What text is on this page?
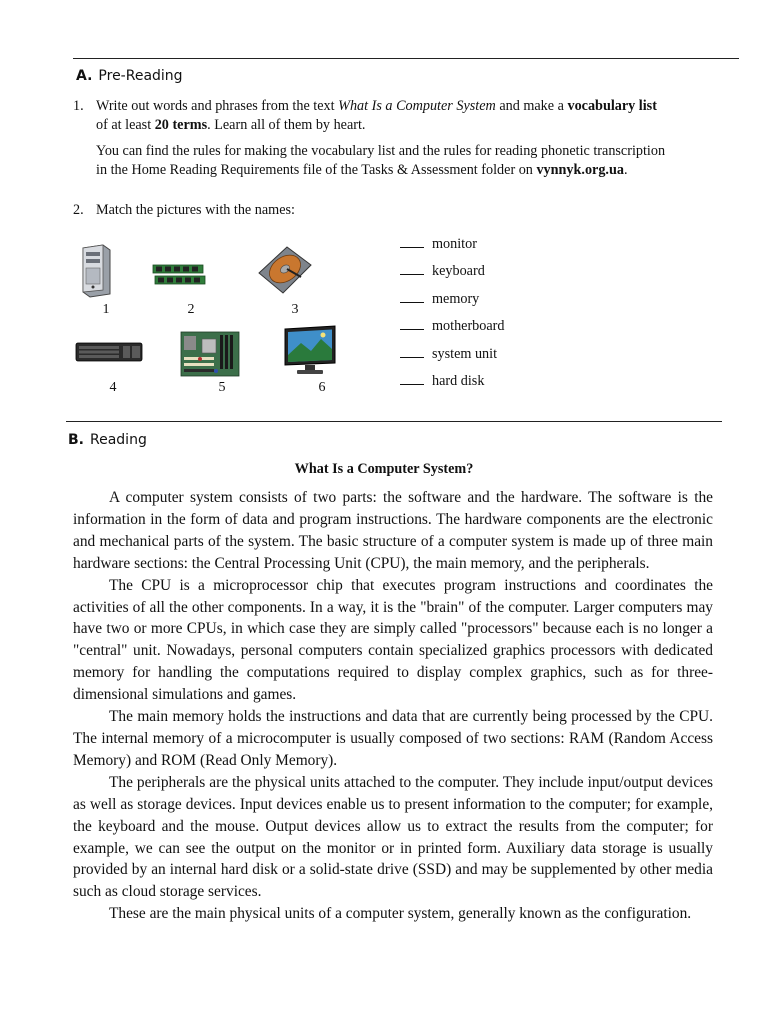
A. Pre-Reading
1. Write out words and phrases from the text What Is a Computer System and make a vocabulary list
of at least 20 terms. Learn all of them by heart.
You can find the rules for making the vocabulary list and the rules for reading phonetic transcription
in the Home Reading Requirements file of the Tasks & Assessment folder on vynnyk.org.ua.
2. Match the pictures with the names:
1	2	3
4	5	6
monitor
keyboard
memory
motherboard
system unit
hard disk
B. Reading
What Is a Computer System?

A computer system consists of two parts: the software and the hardware. The software is the information in the form of data and program instructions. The hardware components are the electronic and mechanical parts of the system. The basic structure of a computer system is made up of three main hardware sections: the Central Processing Unit (CPU), the main memory, and the peripherals.

The CPU is a microprocessor chip that executes program instructions and coordinates the activities of all the other components. In a way, it is the "brain" of the computer. Larger computers may have two or more CPUs, in which case they are simply called "processors" because each is no longer a "central" unit. Nowadays, personal computers contain specialized graphics processors with dedicated memory for handling the computations required to display complex graphics, such as for three-dimensional simulations and games.

The main memory holds the instructions and data that are currently being processed by the CPU. The internal memory of a microcomputer is usually composed of two sections: RAM (Random Access Memory) and ROM (Read Only Memory).

The peripherals are the physical units attached to the computer. They include input/output devices as well as storage devices. Input devices enable us to present information to the computer; for example, the keyboard and the mouse. Output devices allow us to extract the results from the computer; for example, we can see the output on the monitor or in printed form. Auxiliary data storage is usually provided by an internal hard disk or a solid-state drive (SSD) and may be supplemented by other media such as cloud storage services.

These are the main physical units of a computer system, generally known as the configuration.
